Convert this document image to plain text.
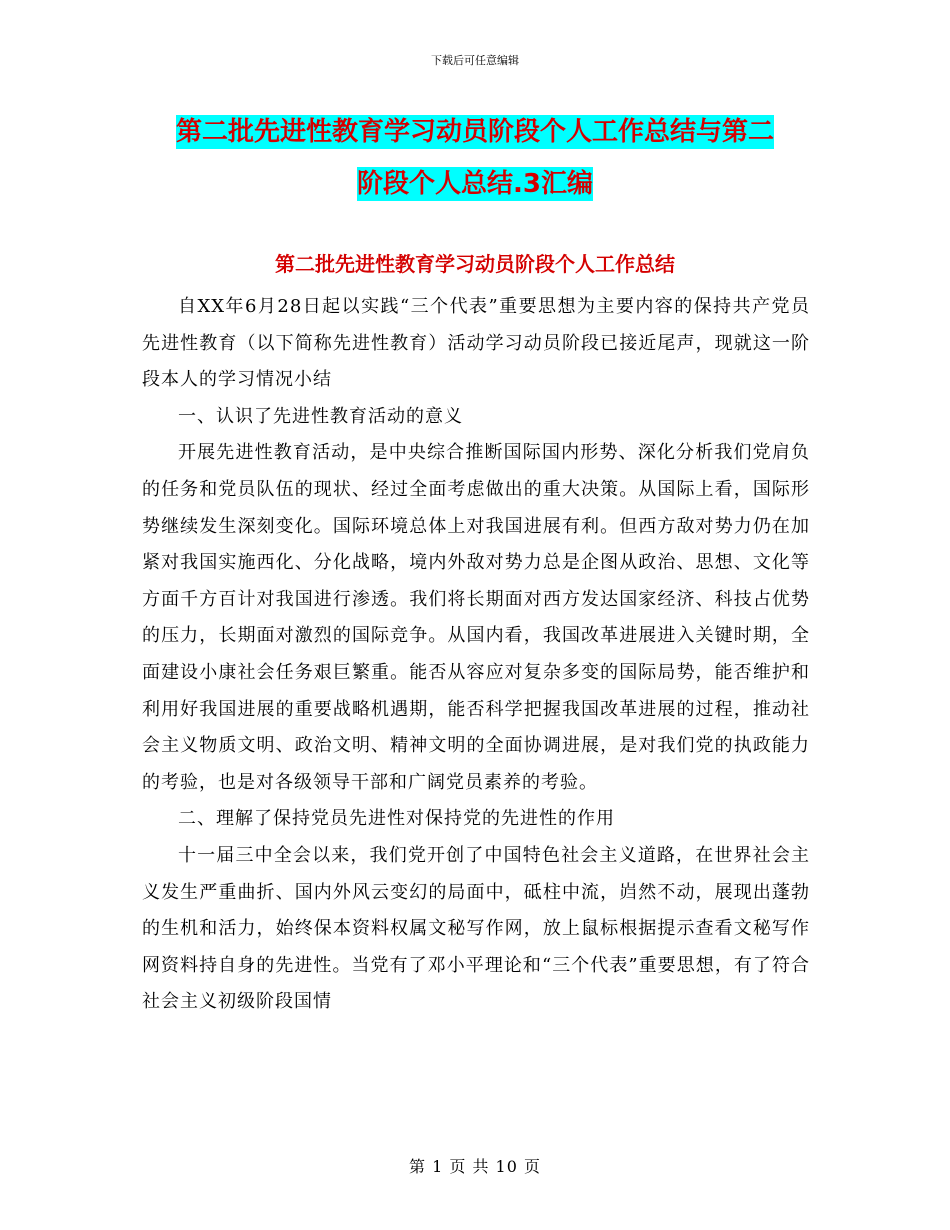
下载后可任意编辑
第二批先进性教育学习动员阶段个人工作总结与第二
阶段个人总结.3汇编
第二批先进性教育学习动员阶段个人工作总结

自XX年6月28日起以实践“三个代表”重要思想为主要内容的保持共产党员先进性教育（以下简称先进性教育）活动学习动员阶段已接近尾声，现就这一阶段本人的学习情况小结

一、认识了先进性教育活动的意义

开展先进性教育活动，是中央综合推断国际国内形势、深化分析我们党肩负的任务和党员队伍的现状、经过全面考虑做出的重大决策。从国际上看，国际形势继续发生深刻变化。国际环境总体上对我国进展有利。但西方敌对势力仍在加紧对我国实施西化、分化战略，境内外敌对势力总是企图从政治、思想、文化等方面千方百计对我国进行渗透。我们将长期面对西方发达国家经济、科技占优势的压力，长期面对激烈的国际竞争。从国内看，我国改革进展进入关键时期，全面建设小康社会任务艰巨繁重。能否从容应对复杂多变的国际局势，能否维护和利用好我国进展的重要战略机遇期，能否科学把握我国改革进展的过程，推动社会主义物质文明、政治文明、精神文明的全面协调进展，是对我们党的执政能力的考验，也是对各级领导干部和广阔党员素养的考验。

二、理解了保持党员先进性对保持党的先进性的作用

十一届三中全会以来，我们党开创了中国特色社会主义道路，在世界社会主义发生严重曲折、国内外风云变幻的局面中，砥柱中流，岿然不动，展现出蓬勃的生机和活力，始终保本资料权属文秘写作网，放上鼠标根据提示查看文秘写作网资料持自身的先进性。当党有了邓小平理论和“三个代表”重要思想，有了符合社会主义初级阶段国情

第 1 页 共 10 页
